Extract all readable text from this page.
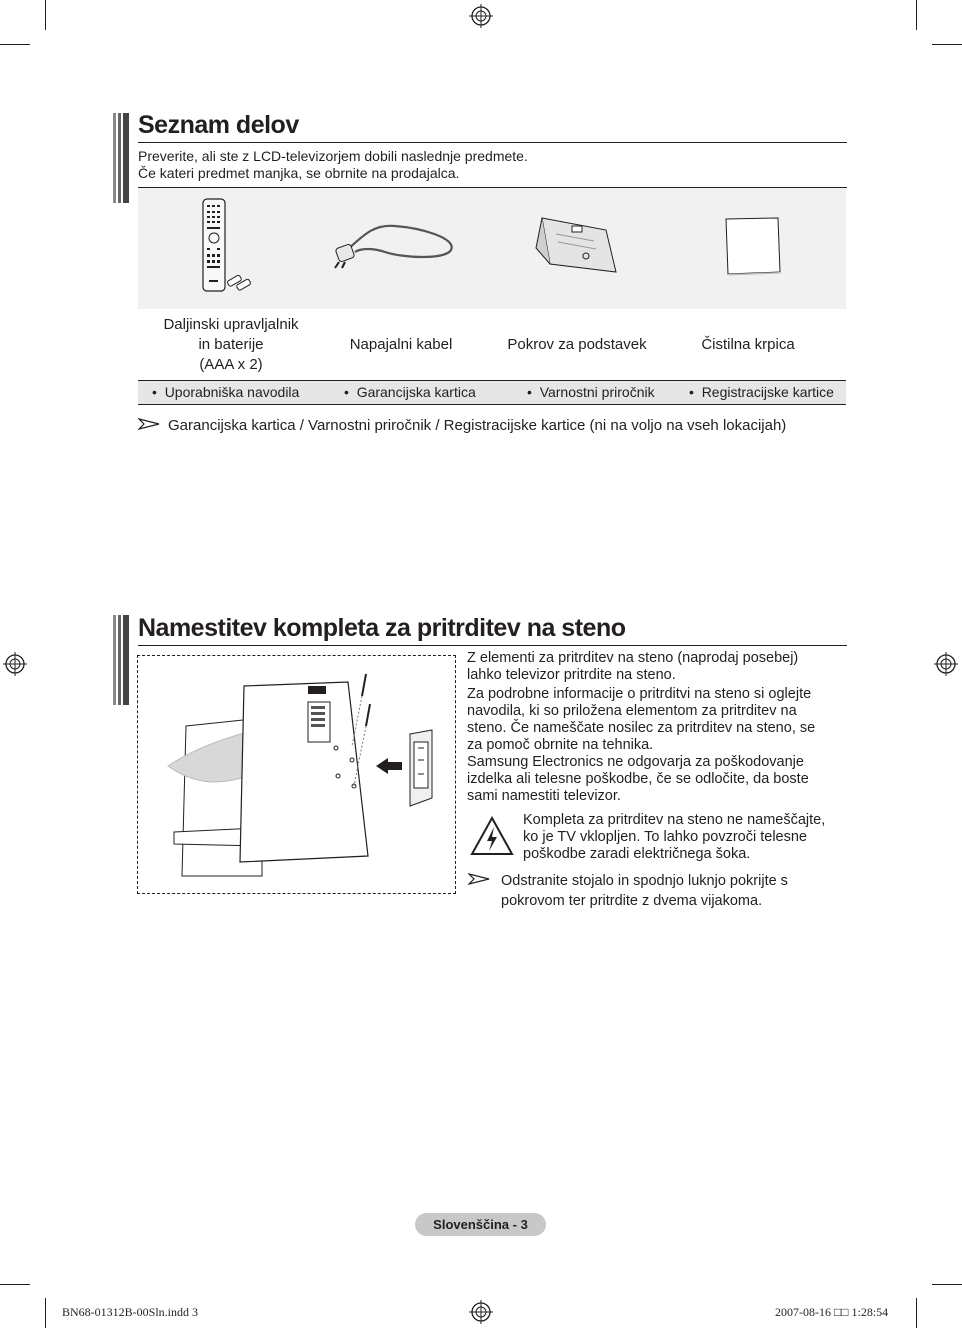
Seznam delov
Preverite, ali ste z LCD-televizorjem dobili naslednje predmete.
Če kateri predmet manjka, se obrnite na prodajalca.
Daljinski upravljalnik
in baterije
(AAA x 2)
Napajalni kabel	Pokrov za podstavek	Čistilna krpica
•  Uporabniška navodila	•  Garancijska kartica	•  Varnostni priročnik •  Registracijske kartice
Garancijska kartica / Varnostni priročnik / Registracijske kartice (ni na voljo na vseh lokacijah)
Namestitev kompleta za pritrditev na steno
Z elementi za pritrditev na steno (naprodaj posebej)
lahko televizor pritrdite na steno.
Za podrobne informacije o pritrditvi na steno si oglejte
navodila, ki so priložena elementom za pritrditev na
steno. Če nameščate nosilec za pritrditev na steno, se
za pomoč obrnite na tehnika.
Samsung Electronics ne odgovarja za poškodovanje
izdelka ali telesne poškodbe, če se odločite, da boste
sami namestiti televizor.
Kompleta za pritrditev na steno ne nameščajte,
ko je TV vklopljen. To lahko povzroči telesne
poškodbe zaradi električnega šoka.
Odstranite stojalo in spodnjo luknjo pokrijte s
pokrovom ter pritrdite z dvema vijakoma.
Slovenščina - 3
BN68-01312B-00Sln.indd 3	2007-08-16 □□ 1:28:54
